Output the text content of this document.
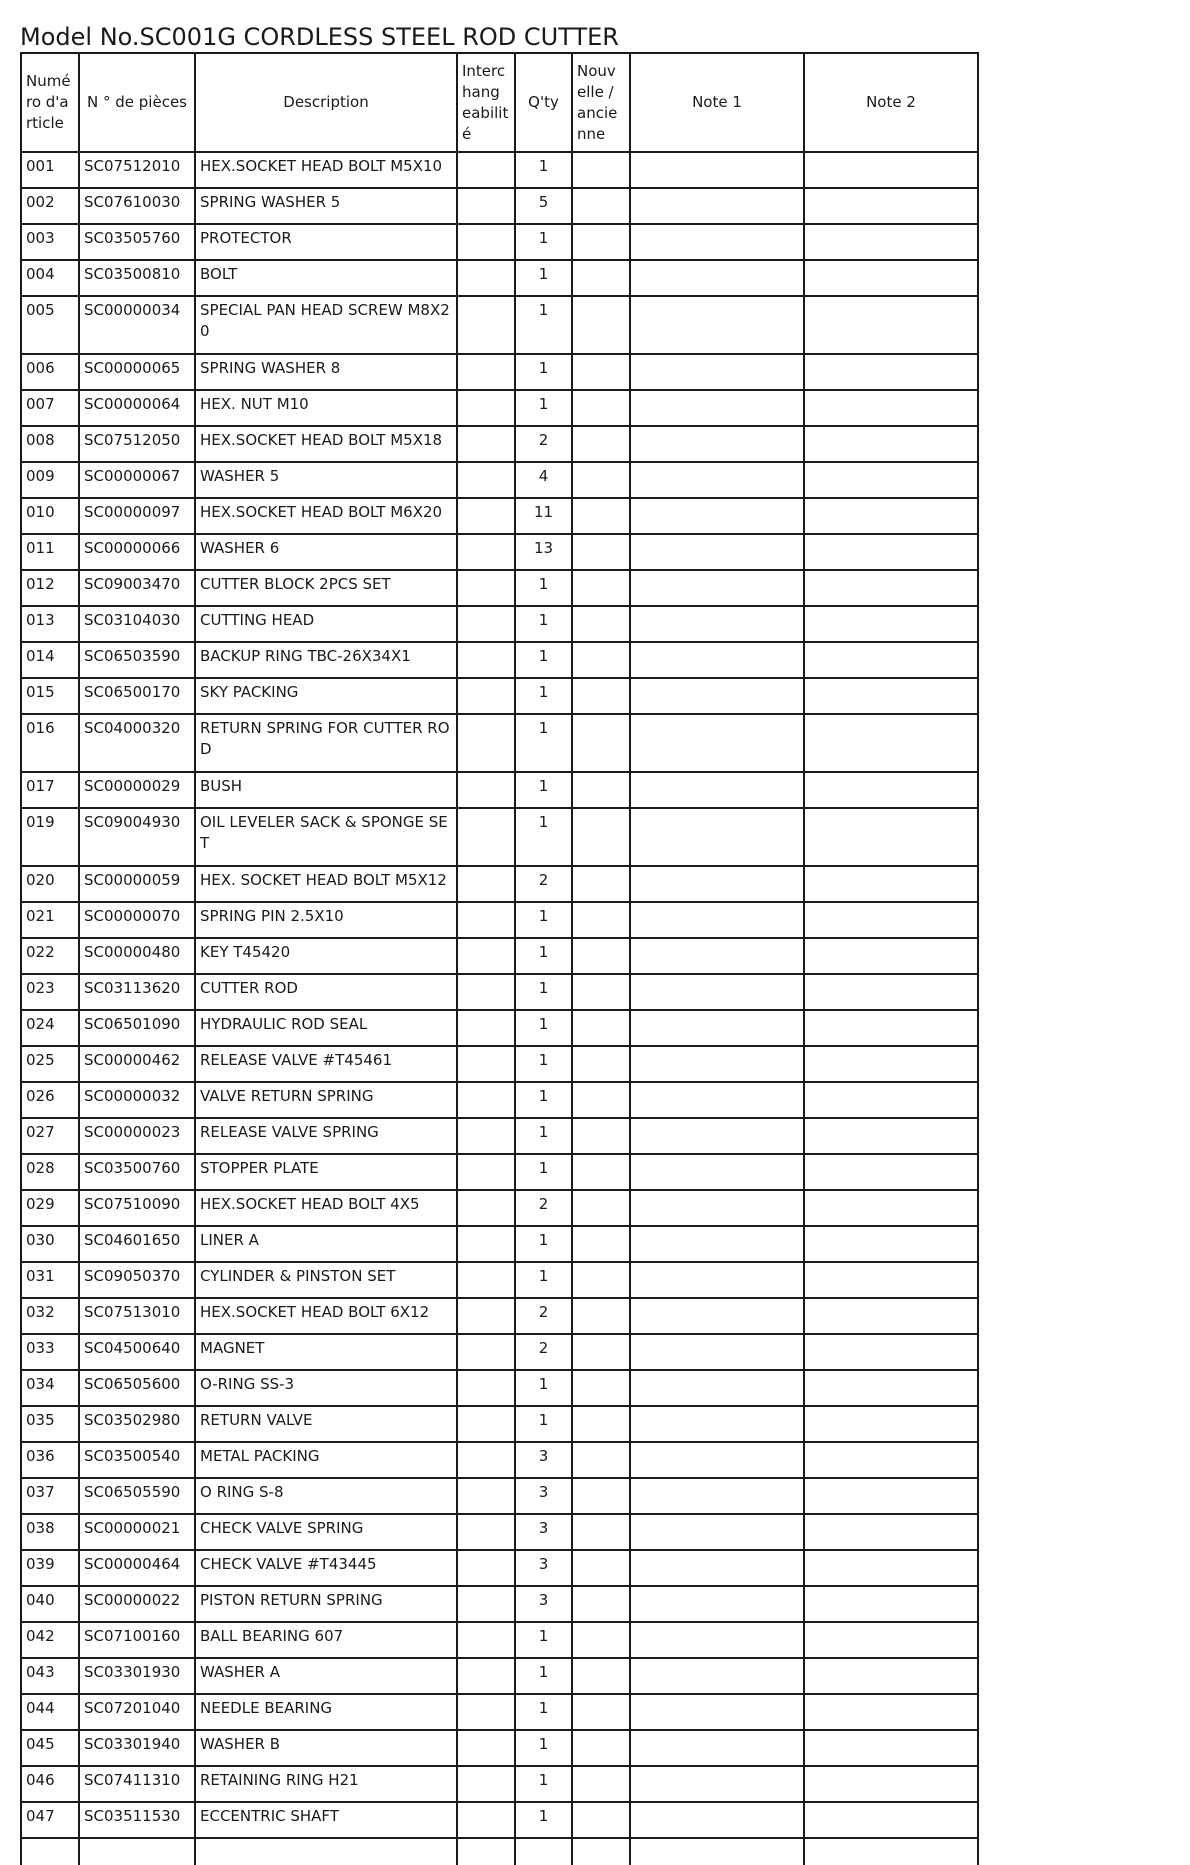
Model No.SC001G CORDLESS STEEL ROD CUTTER
Numé ro d'a rticle	N ° de pièces	Description	Interc hang eabilit é	Q'ty	Nouv elle / ancie nne	Note 1	Note 2
001	SC07512010	HEX.SOCKET HEAD BOLT M5X10		1			
002	SC07610030	SPRING WASHER 5		5			
003	SC03505760	PROTECTOR		1			
004	SC03500810	BOLT		1			
005	SC00000034	SPECIAL PAN HEAD SCREW M8X20		1			
006	SC00000065	SPRING WASHER 8		1			
007	SC00000064	HEX. NUT M10		1			
008	SC07512050	HEX.SOCKET HEAD BOLT M5X18		2			
009	SC00000067	WASHER 5		4			
010	SC00000097	HEX.SOCKET HEAD BOLT M6X20		11			
011	SC00000066	WASHER 6		13			
012	SC09003470	CUTTER BLOCK 2PCS SET		1			
013	SC03104030	CUTTING HEAD		1			
014	SC06503590	BACKUP RING TBC-26X34X1		1			
015	SC06500170	SKY PACKING		1			
016	SC04000320	RETURN SPRING FOR CUTTER ROD		1			
017	SC00000029	BUSH		1			
019	SC09004930	OIL LEVELER SACK & SPONGE SET		1			
020	SC00000059	HEX. SOCKET HEAD BOLT M5X12		2			
021	SC00000070	SPRING PIN 2.5X10		1			
022	SC00000480	KEY T45420		1			
023	SC03113620	CUTTER ROD		1			
024	SC06501090	HYDRAULIC ROD SEAL		1			
025	SC00000462	RELEASE VALVE #T45461		1			
026	SC00000032	VALVE RETURN SPRING		1			
027	SC00000023	RELEASE VALVE SPRING		1			
028	SC03500760	STOPPER PLATE		1			
029	SC07510090	HEX.SOCKET HEAD BOLT 4X5		2			
030	SC04601650	LINER A		1			
031	SC09050370	CYLINDER & PINSTON SET		1			
032	SC07513010	HEX.SOCKET HEAD BOLT 6X12		2			
033	SC04500640	MAGNET		2			
034	SC06505600	O-RING SS-3		1			
035	SC03502980	RETURN VALVE		1			
036	SC03500540	METAL PACKING		3			
037	SC06505590	O RING S-8		3			
038	SC00000021	CHECK VALVE SPRING		3			
039	SC00000464	CHECK VALVE #T43445		3			
040	SC00000022	PISTON RETURN SPRING		3			
042	SC07100160	BALL BEARING 607		1			
043	SC03301930	WASHER A		1			
044	SC07201040	NEEDLE BEARING		1			
045	SC03301940	WASHER B		1			
046	SC07411310	RETAINING RING H21		1			
047	SC03511530	ECCENTRIC SHAFT		1			
